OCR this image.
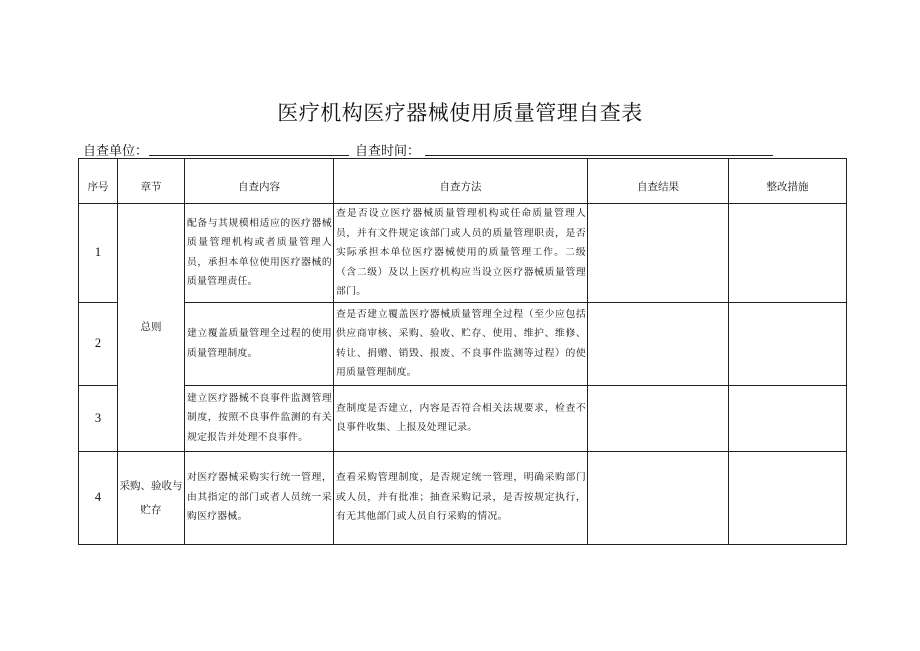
医疗机构医疗器械使用质量管理自查表
自查单位：	自查时间：
序号	章节	自查内容	自查方法	自查结果	整改措施
1	总则	配备与其规模相适应的医疗器械质量管理机构或者质量管理人员，承担本单位使用医疗器械的质量管理责任。	查是否设立医疗器械质量管理机构或任命质量管理人员，并有文件规定该部门或人员的质量管理职责，是否实际承担本单位医疗器械使用的质量管理工作。二级（含二级）及以上医疗机构应当设立医疗器械质量管理部门。		
2		建立覆盖质量管理全过程的使用质量管理制度。	查是否建立覆盖医疗器械质量管理全过程（至少应包括供应商审核、采购、验收、贮存、使用、维护、维修、转让、捐赠、销毁、报废、不良事件监测等过程）的使用质量管理制度。		
3		建立医疗器械不良事件监测管理制度，按照不良事件监测的有关规定报告并处理不良事件。	查制度是否建立，内容是否符合相关法规要求，检查不良事件收集、上报及处理记录。		
4	采购、验收与贮存	对医疗器械采购实行统一管理，由其指定的部门或者人员统一采购医疗器械。	查看采购管理制度，是否规定统一管理，明确采购部门或人员，并有批准；抽查采购记录，是否按规定执行，有无其他部门或人员自行采购的情况。		
